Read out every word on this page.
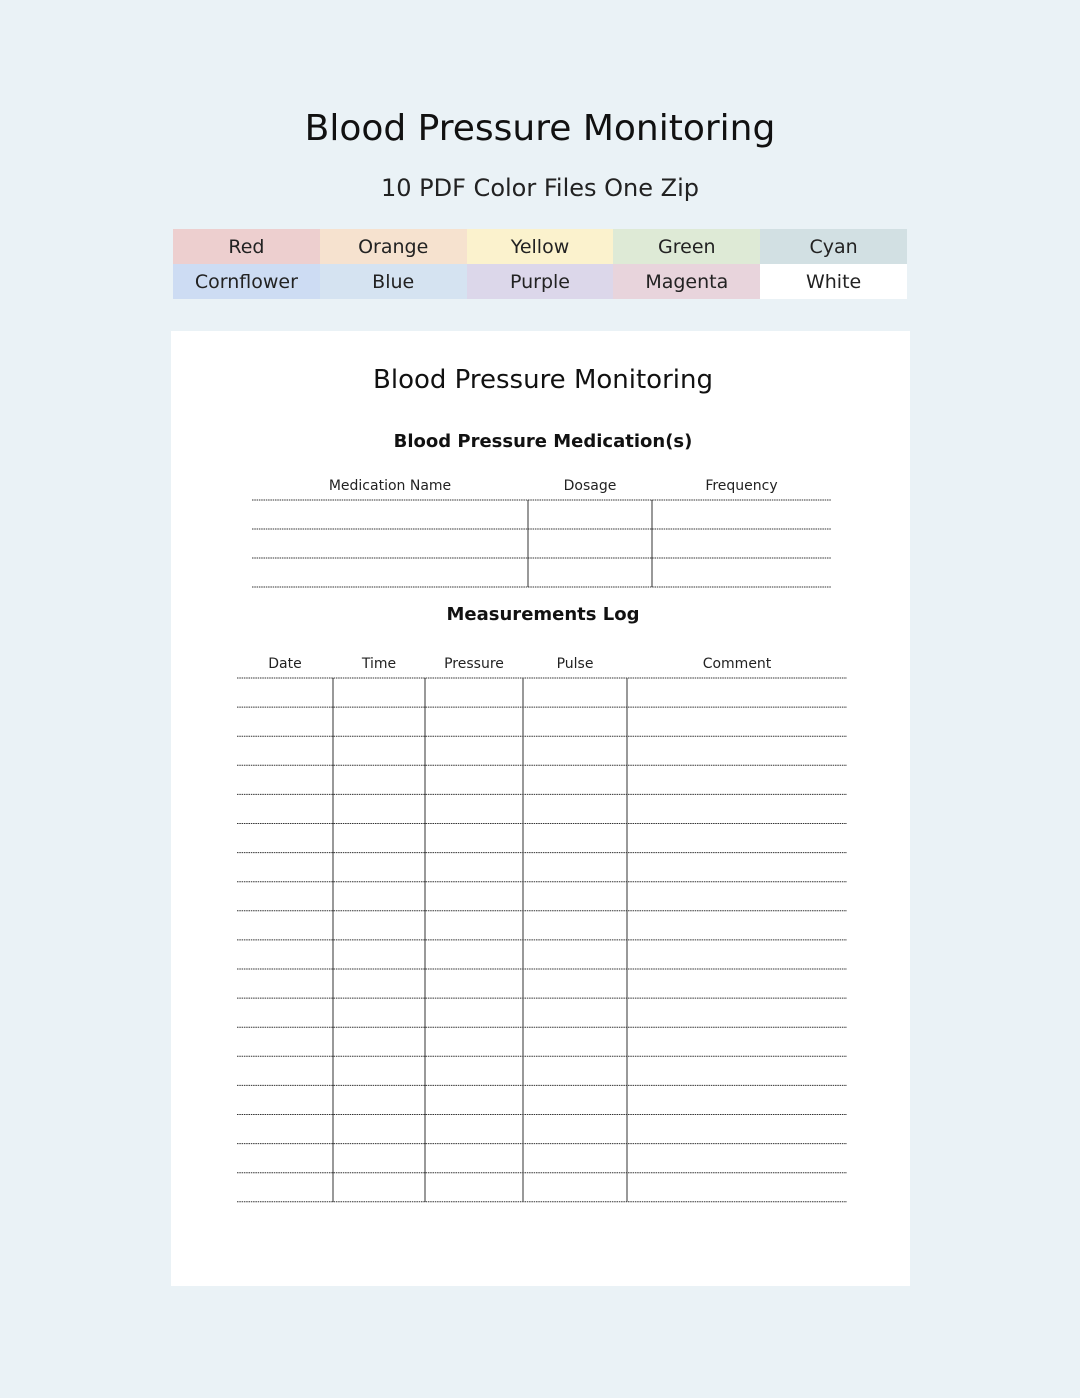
Blood Pressure Monitoring
10 PDF Color Files One Zip
Red	Orange	Yellow	Green	Cyan
Cornflower	Blue	Purple	Magenta	White
Blood Pressure Monitoring
Blood Pressure Medication(s)
Medication Name	Dosage	Frequency
Measurements Log
Date	Time	Pressure	Pulse	Comment
